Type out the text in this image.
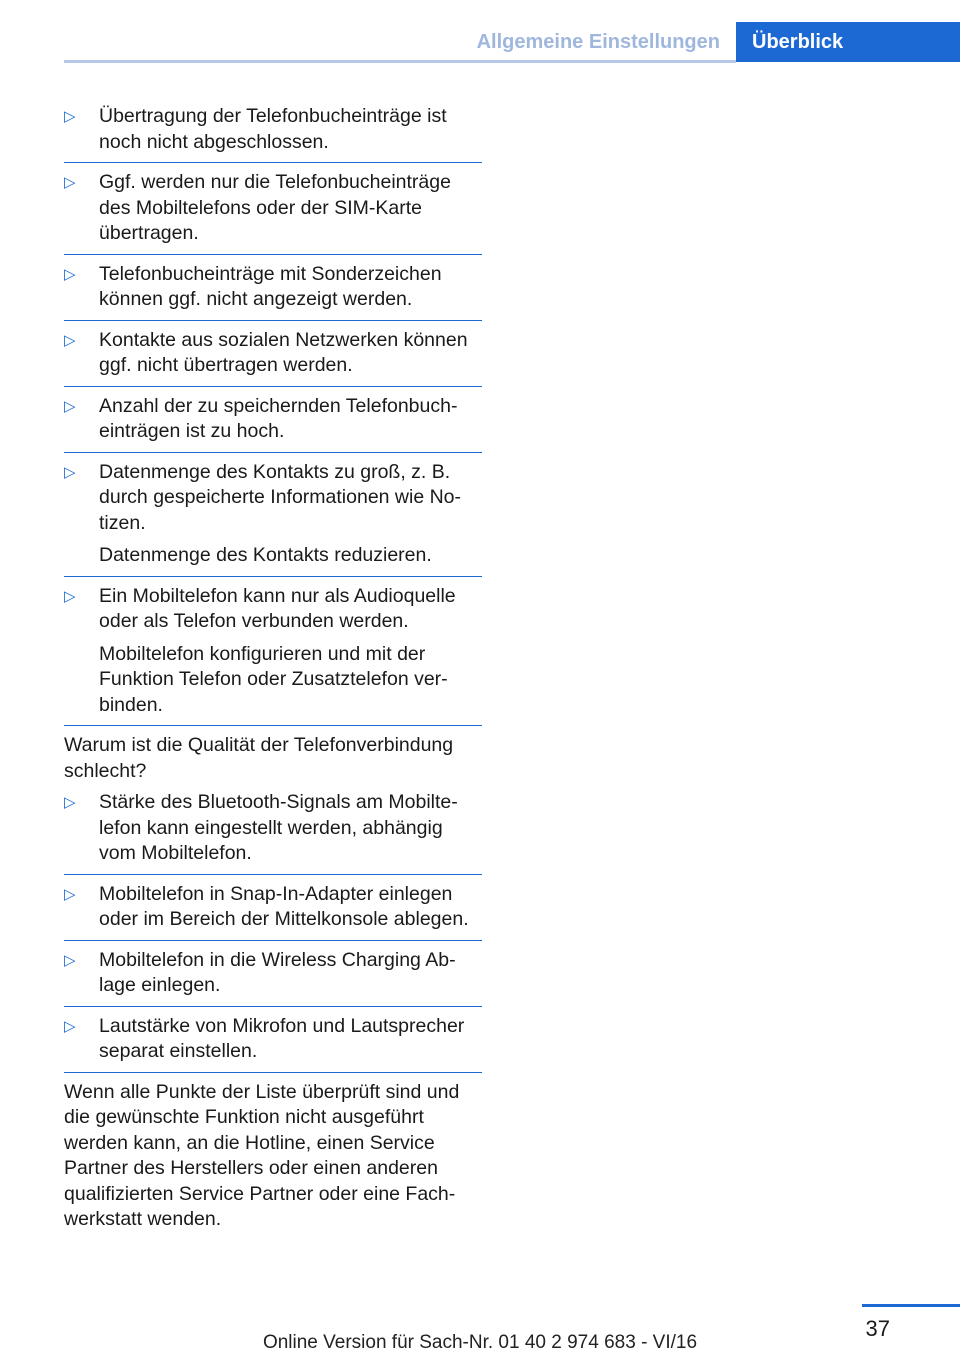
Allgemeine Einstellungen	Überblick
▷ Übertragung der Telefonbucheinträge ist noch nicht abgeschlossen.

▷ Ggf. werden nur die Telefonbucheinträge des Mobiltelefons oder der SIM-Karte übertragen.

▷ Telefonbucheinträge mit Sonderzeichen können ggf. nicht angezeigt werden.

▷ Kontakte aus sozialen Netzwerken können ggf. nicht übertragen werden.

▷ Anzahl der zu speichernden Telefonbuch-einträgen ist zu hoch.

▷ Datenmenge des Kontakts zu groß, z. B. durch gespeicherte Informationen wie No-tizen.

Datenmenge des Kontakts reduzieren.

▷ Ein Mobiltelefon kann nur als Audioquelle oder als Telefon verbunden werden.

Mobiltelefon konfigurieren und mit der Funktion Telefon oder Zusatztelefon ver-binden.

Warum ist die Qualität der Telefonverbindung schlecht?

▷ Stärke des Bluetooth-Signals am Mobilte-lefon kann eingestellt werden, abhängig vom Mobiltelefon.

▷ Mobiltelefon in Snap-In-Adapter einlegen oder im Bereich der Mittelkonsole ablegen.

▷ Mobiltelefon in die Wireless Charging Ab-lage einlegen.

▷ Lautstärke von Mikrofon und Lautsprecher separat einstellen.

Wenn alle Punkte der Liste überprüft sind und die gewünschte Funktion nicht ausgeführt werden kann, an die Hotline, einen Service Partner des Herstellers oder einen anderen qualifizierten Service Partner oder eine Fach-werkstatt wenden.

37
Online Version für Sach-Nr. 01 40 2 974 683 - VI/16
